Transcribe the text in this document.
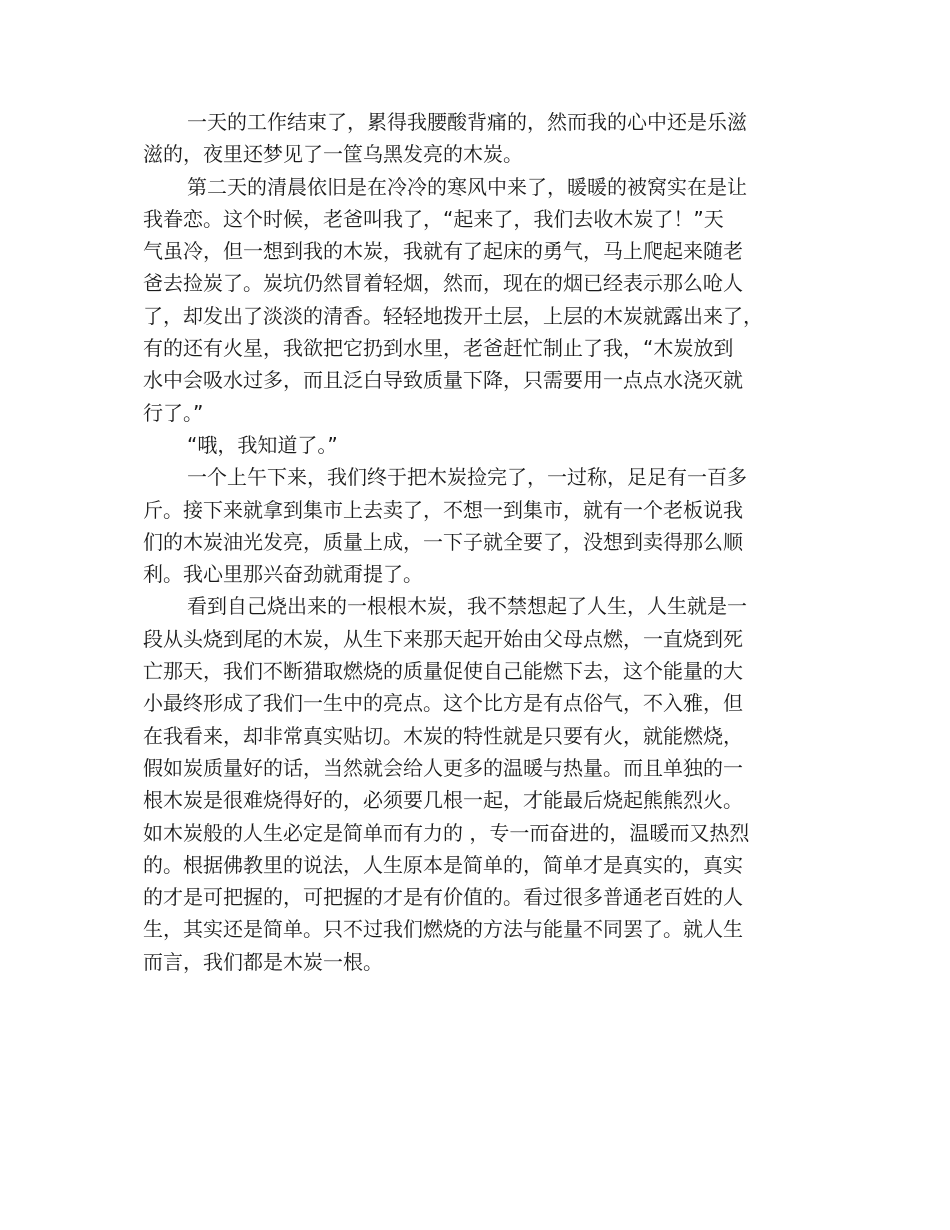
一天的工作结束了，累得我腰酸背痛的，然而我的心中还是乐滋
滋的，夜里还梦见了一筐乌黑发亮的木炭。
第二天的清晨依旧是在冷冷的寒风中来了，暖暖的被窝实在是让
我眷恋。这个时候，老爸叫我了，“起来了，我们去收木炭了！”天
气虽冷，但一想到我的木炭，我就有了起床的勇气，马上爬起来随老
爸去捡炭了。炭坑仍然冒着轻烟，然而，现在的烟已经表示那么呛人
了，却发出了淡淡的清香。轻轻地拨开土层，上层的木炭就露出来了，
有的还有火星，我欲把它扔到水里，老爸赶忙制止了我，“木炭放到
水中会吸水过多，而且泛白导致质量下降，只需要用一点点水浇灭就
行了。”
“哦，我知道了。”
一个上午下来，我们终于把木炭捡完了，一过称，足足有一百多
斤。接下来就拿到集市上去卖了，不想一到集市，就有一个老板说我
们的木炭油光发亮，质量上成，一下子就全要了，没想到卖得那么顺
利。我心里那兴奋劲就甭提了。
看到自己烧出来的一根根木炭，我不禁想起了人生，人生就是一
段从头烧到尾的木炭，从生下来那天起开始由父母点燃，一直烧到死
亡那天，我们不断猎取燃烧的质量促使自己能燃下去，这个能量的大
小最终形成了我们一生中的亮点。这个比方是有点俗气，不入雅，但
在我看来，却非常真实贴切。木炭的特性就是只要有火，就能燃烧，
假如炭质量好的话，当然就会给人更多的温暖与热量。而且单独的一
根木炭是很难烧得好的，必须要几根一起，才能最后烧起熊熊烈火。
如木炭般的人生必定是简单而有力的 ，专一而奋进的，温暖而又热烈
的。根据佛教里的说法，人生原本是简单的，简单才是真实的，真实
的才是可把握的，可把握的才是有价值的。看过很多普通老百姓的人
生，其实还是简单。只不过我们燃烧的方法与能量不同罢了。就人生
而言，我们都是木炭一根。
